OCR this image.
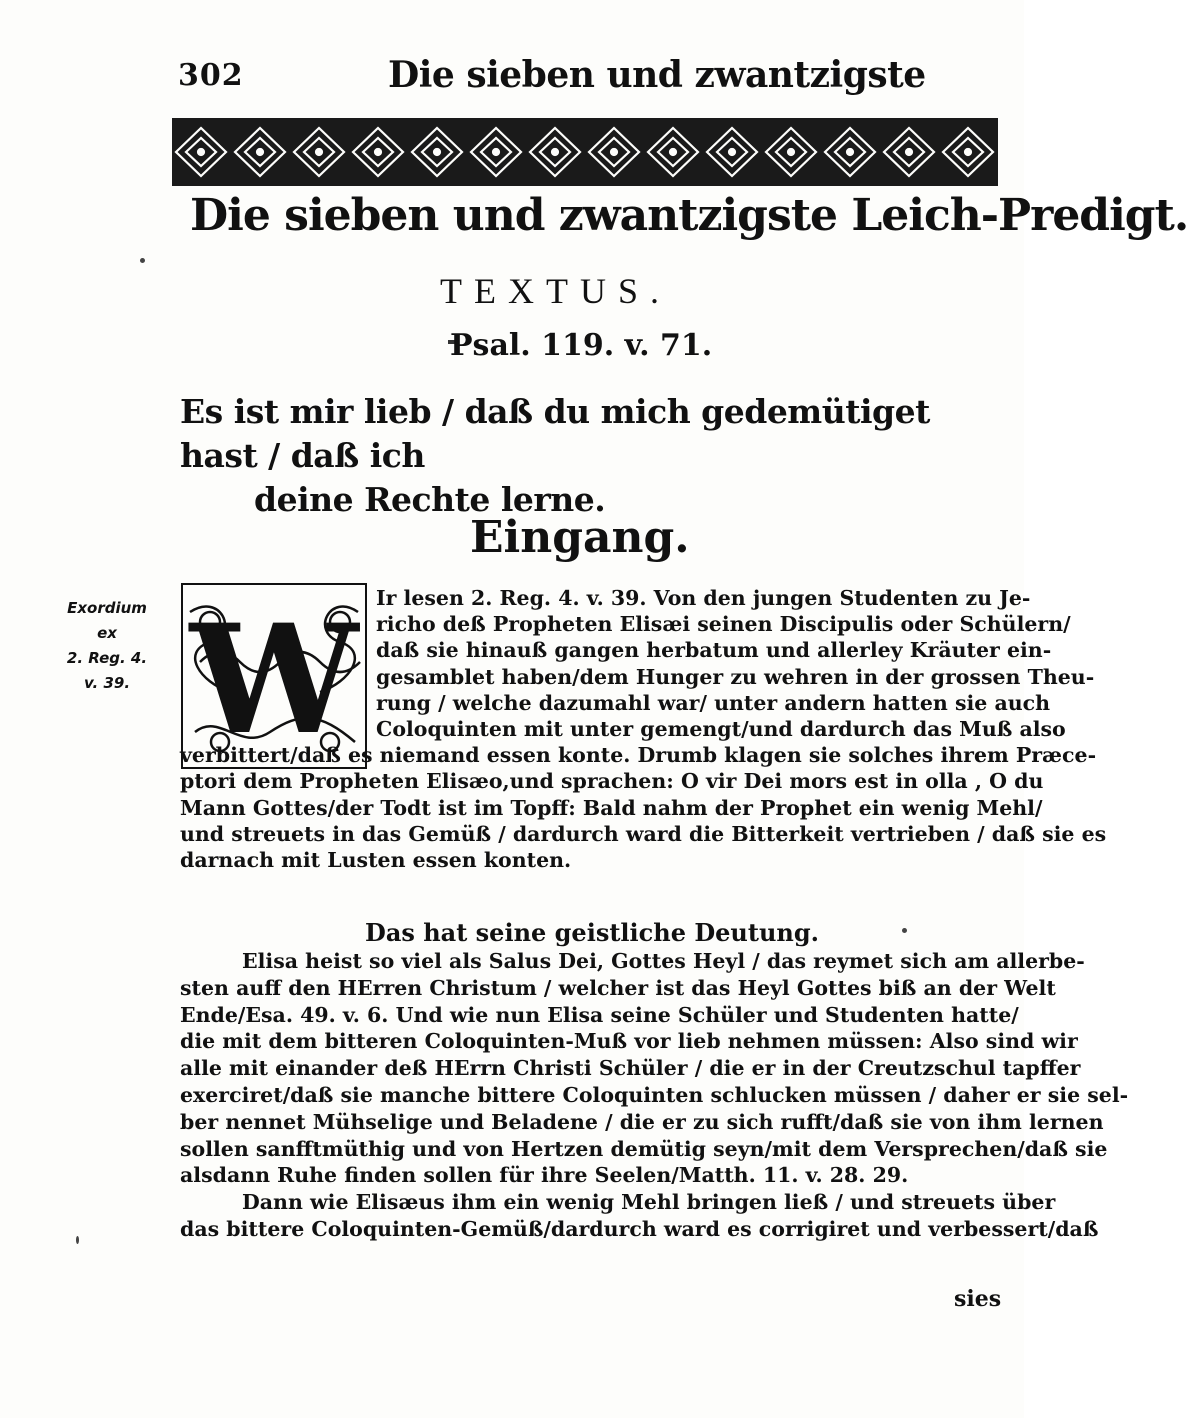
302	Die sieben und zwantzigste
Die sieben und zwantzigste Leich-Predigt.
TEXTUS.
Psal. 119. v. 71.
Es ist mir lieb / daß du mich gedemütiget hast / daß ich
deine Rechte lerne.
Eingang.
Exordium
ex
2. Reg. 4.
v. 39. W Ir lesen 2. Reg. 4. v. 39. Von den jungen Studenten zu Je-
richo deß Propheten Elisæi seinen Discipulis oder Schülern/
daß sie hinauß gangen herbatum und allerley Kräuter ein-
gesamblet haben/dem Hunger zu wehren in der grossen Theu-
rung / welche dazumahl war/ unter andern hatten sie auch
Coloquinten mit unter gemengt/und dardurch das Muß also
verbittert/daß es niemand essen konte. Drumb klagen sie solches ihrem Præce-
ptori dem Propheten Elisæo,und sprachen: O vir Dei mors est in olla , O du
Mann Gottes/der Todt ist im Topff: Bald nahm der Prophet ein wenig Mehl/
und streuets in das Gemüß / dardurch ward die Bitterkeit vertrieben / daß sie es
darnach mit Lusten essen konten.
Das hat seine geistliche Deutung.
Elisa heist so viel als Salus Dei, Gottes Heyl / das reymet sich am allerbe-
sten auff den HErren Christum / welcher ist das Heyl Gottes biß an der Welt
Ende/Esa. 49. v. 6. Und wie nun Elisa seine Schüler und Studenten hatte/
die mit dem bitteren Coloquinten-Muß vor lieb nehmen müssen: Also sind wir
alle mit einander deß HErrn Christi Schüler / die er in der Creutzschul tapffer
exerciret/daß sie manche bittere Coloquinten schlucken müssen / daher er sie sel-
ber nennet Mühselige und Beladene / die er zu sich rufft/daß sie von ihm lernen
sollen sanfftmüthig und von Hertzen demütig seyn/mit dem Versprechen/daß sie
alsdann Ruhe finden sollen für ihre Seelen/Matth. 11. v. 28. 29.
Dann wie Elisæus ihm ein wenig Mehl bringen ließ / und streuets über
das bittere Coloquinten-Gemüß/dardurch ward es corrigiret und verbessert/daß
sies
